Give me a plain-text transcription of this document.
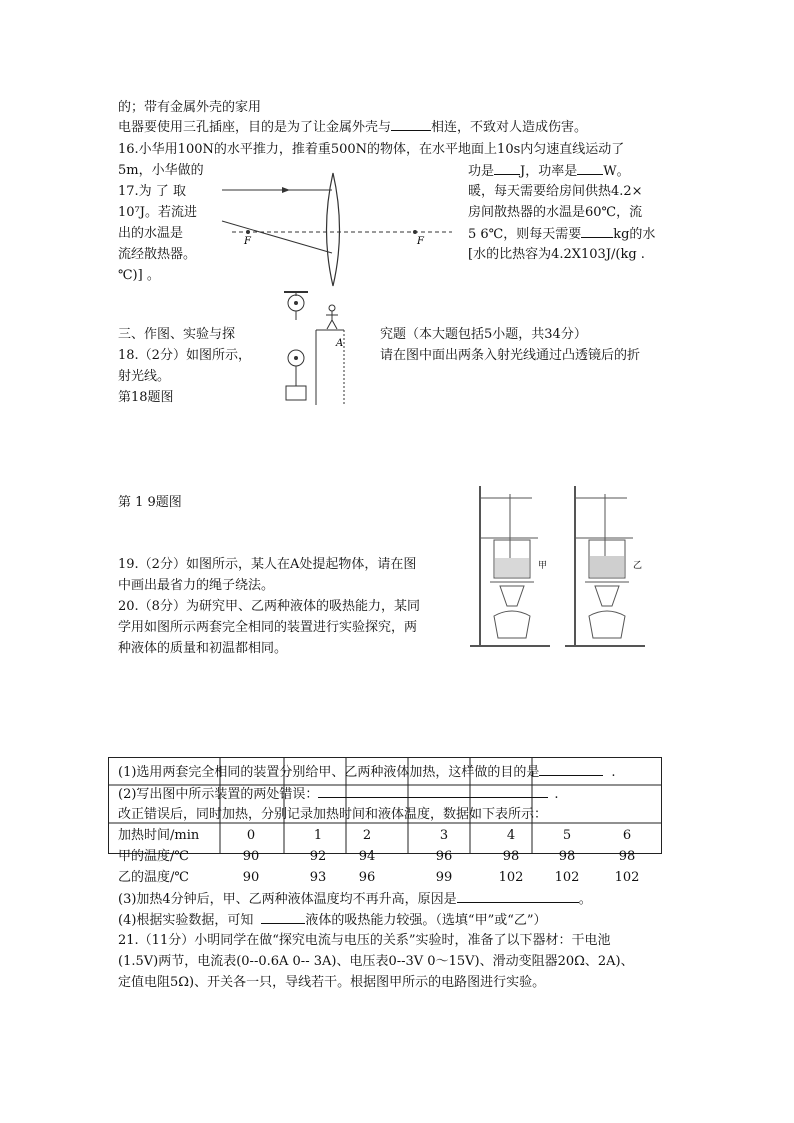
的；带有金属外壳的家用
电器要使用三孔插座，目的是为了让金属外壳与	相连，不致对人造成伤害。
16.小华用100N的水平推力，推着重500N的物体，在水平地面上10s内匀速直线运动了
5m，小华做的	功是 J，功率是 W。
17.为 了 取	暖，每天需要给房间供热4.2×
10⁷J。若流进	房间散热器的水温是60℃，流
出的水温是	5 6℃，则每天需要 kg的水
流经散热器。	[水的比热容为4.2X103J/(kg .
℃)] 。
F	F
A
三、作图、实验与探	究题（本大题包括5小题，共34分）
18.（2分）如图所示，	请在图中面出两条入射光线通过凸透镜后的折
射光线。
第18题图
甲	乙
第 1 9题图
19.（2分）如图所示，某人在A处提起物体，请在图
中画出最省力的绳子绕法。
20.（8分）为研究甲、乙两种液体的吸热能力，某同
学用如图所示两套完全相同的装置进行实验探究，两
种液体的质量和初温都相同。
(1)选用两套完全相同的装置分别给甲、乙两种液体加热，这样做的目的是	.
(2)写出图中所示装置的两处错误：	.
改正错误后，同时加热，分别记录加热时间和液体温度，数据如下表所示：
加热时间/min	0	1	2	3	4	5	6
甲的温度/℃	90	92	94	96	98	98	98
乙的温度/℃	90	93	96	99	102	102	102
(3)加热4分钟后，甲、乙两种液体温度均不再升高，原因是	。
(4)根据实验数据，可知	液体的吸热能力较强。（选填“甲”或“乙”）
21.（11分）小明同学在做“探究电流与电压的关系”实验时，准备了以下器材：干电池
(1.5V)两节，电流表(0--0.6A 0-- 3A)、电压表0--3V 0～15V)、滑动变阻器20Ω、2A)、
定值电阻5Ω)、开关各一只，导线若干。根据图甲所示的电路图进行实验。
